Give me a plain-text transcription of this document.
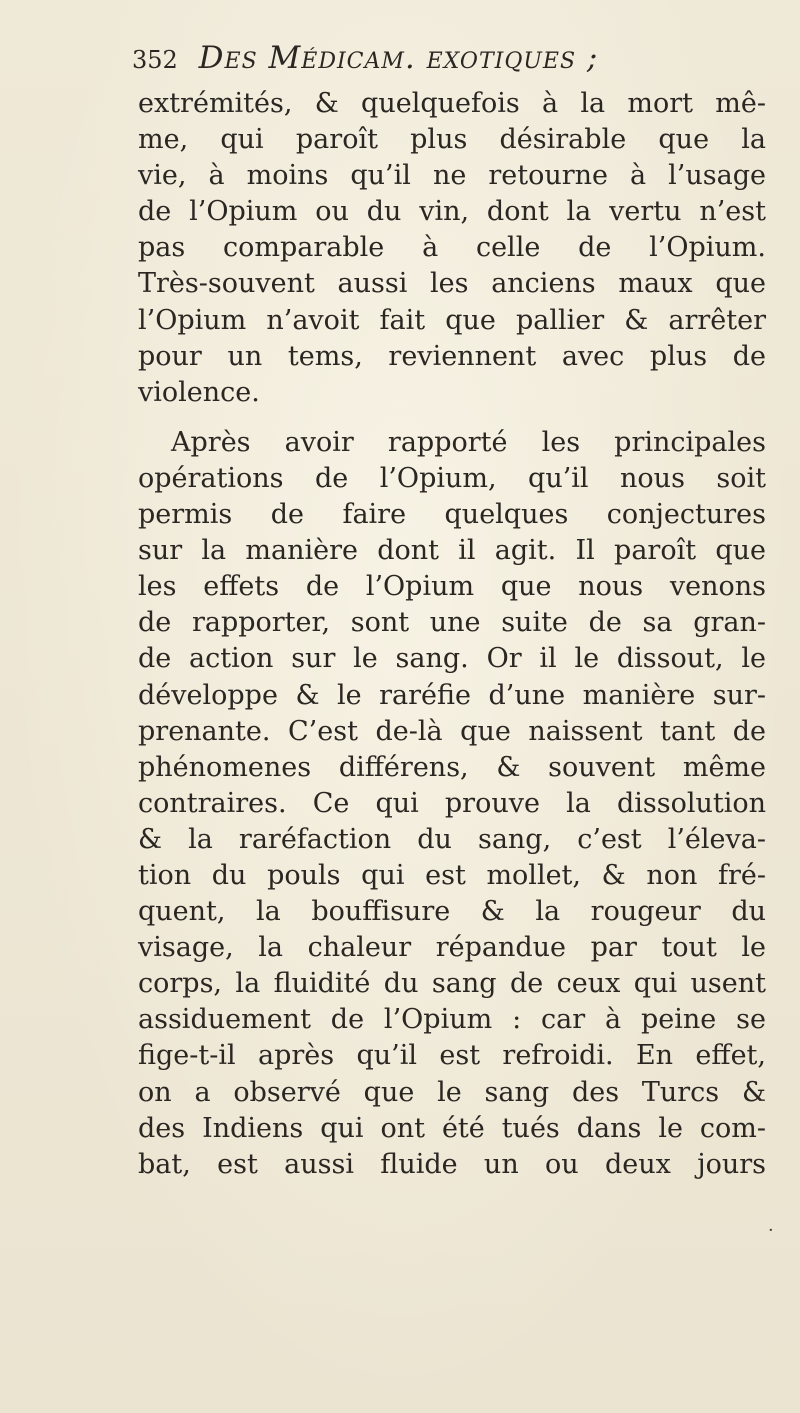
352 Des Médicam. exotiques ;
extrémités, & quelquefois à la mort mê-
me, qui paroît plus désirable que la
vie, à moins qu’il ne retourne à l’usage
de l’Opium ou du vin, dont la vertu n’est
pas comparable à celle de l’Opium.
Très-souvent aussi les anciens maux que
l’Opium n’avoit fait que pallier & arrêter
pour un tems, reviennent avec plus de
violence.
Après avoir rapporté les principales
opérations de l’Opium, qu’il nous soit
permis de faire quelques conjectures
sur la manière dont il agit. Il paroît que
les effets de l’Opium que nous venons
de rapporter, sont une suite de sa gran-
de action sur le sang. Or il le dissout, le
développe & le raréfie d’une manière sur-
prenante. C’est de-là que naissent tant de
phénomenes différens, & souvent même
contraires. Ce qui prouve la dissolution
& la raréfaction du sang, c’est l’éleva-
tion du pouls qui est mollet, & non fré-
quent, la bouffisure & la rougeur du
visage, la chaleur répandue par tout le
corps, la fluidité du sang de ceux qui usent
assiduement de l’Opium : car à peine se
fige-t-il après qu’il est refroidi. En effet,
on a observé que le sang des Turcs &
des Indiens qui ont été tués dans le com-
bat, est aussi fluide un ou deux jours
·
